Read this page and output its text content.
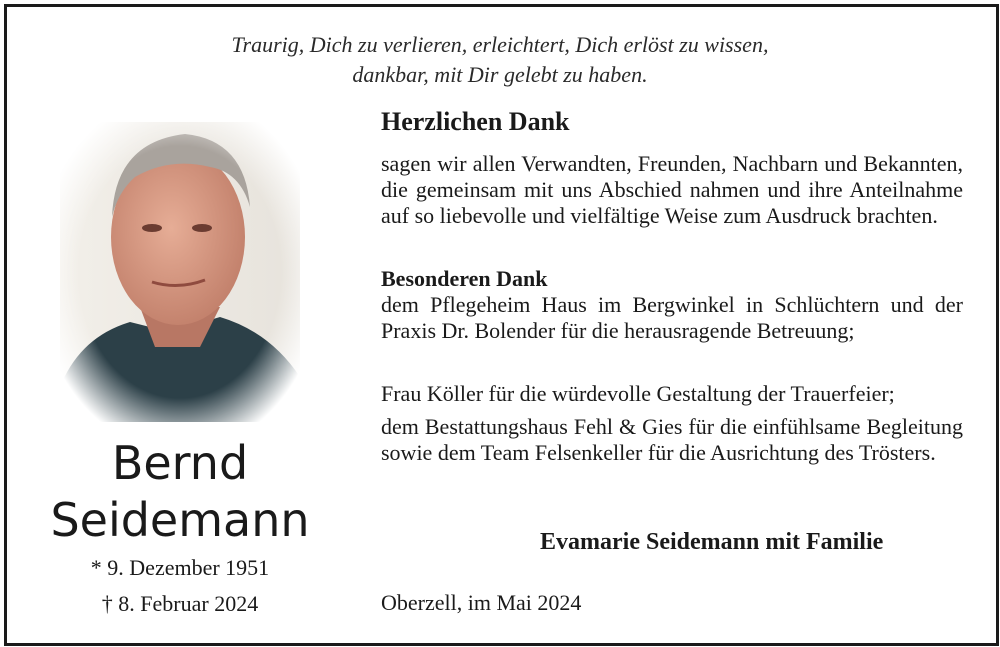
Traurig, Dich zu verlieren, erleichtert, Dich erlöst zu wissen,
dankbar, mit Dir gelebt zu haben.
Bernd
Seidemann
* 9. Dezember 1951
† 8. Februar 2024
Herzlichen Dank
sagen wir allen Verwandten, Freunden, Nachbarn und Bekannten, die gemeinsam mit uns Abschied nahmen und ihre Anteilnahme auf so liebevolle und vielfältige Weise zum Ausdruck brachten.
Besonderen Dank
dem Pflegeheim Haus im Bergwinkel in Schlüchtern und der Praxis Dr. Bolender für die herausragende Betreuung;
Frau Köller für die würdevolle Gestaltung der Trauerfeier;
dem Bestattungshaus Fehl & Gies für die einfühlsame Begleitung sowie dem Team Felsenkeller für die Ausrichtung des Trösters.
Evamarie Seidemann mit Familie
Oberzell, im Mai 2024
